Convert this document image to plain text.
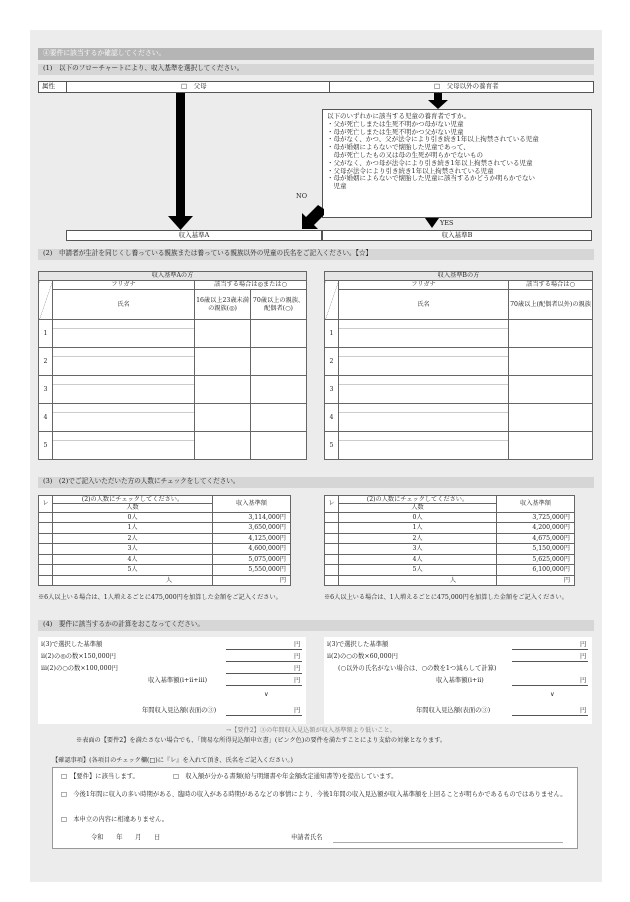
④要件に該当するか確認してください。
(1)　以下のフローチャートにより、収入基準を選択してください。
属性	□　父母	□　父母以外の養育者
以下のいずれかに該当する児童の養育者ですか。
・父が死亡しまたは生死不明かつ母がない児童
・母が死亡しまたは生死不明かつ父がない児童
・母がなく、かつ、父が法令により引き続き1年以上拘禁されている児童
・母が婚姻によらないで懐胎した児童であって、
　母が死亡したもの又は母の生死が明らかでないもの
・父がなく、かつ母が法令により引き続き1年以上拘禁されている児童
・父母が法令により引き続き1年以上拘禁されている児童
・母が婚姻によらないで懐胎した児童に該当するかどうか明らかでない
　児童
NO
YES
収入基準A	収入基準B
(2)　申請者が生計を同じくし養っている親族または養っている親族以外の児童の氏名をご記入ください。【☆】
収入基準Aの方			
	フリガナ	該当する場合は◎または○	
	氏名	16歳以上23歳未満の親族(◎)	70歳以上の親族、配偶者(○)

1			
2			
3			
4			
5			
収入基準Bの方		
	フリガナ	該当する場合は○
	氏名	70歳以上(配偶者以外)の親族

1		
2		
3		
4		
5		
(3)　(2)でご記入いただいた方の人数にチェックをしてください。
レ	(2)の人数にチェックしてください。	収入基準額
	人数	
	0人	3,114,000円
	1人	3,650,000円
	2人	4,125,000円
	3人	4,600,000円
	4人	5,075,000円
	5人	5,550,000円
	人	円
※6人以上いる場合は、1人増えるごとに475,000円を加算した金額をご記入ください。
レ	(2)の人数にチェックしてください。	収入基準額
	人数	
	0人	3,725,000円
	1人	4,200,000円
	2人	4,675,000円
	3人	5,150,000円
	4人	5,625,000円
	5人	6,100,000円
	人	円
※6人以上いる場合は、1人増えるごとに475,000円を加算した金額をご記入ください。
(4)　要件に該当するかの計算をおこなってください。
i(3)で選択した基準額	円
ii(2)の◎の数×150,000円	円
iii(2)の○の数×100,000円	円
収入基準額(i+ii+iii)	円
∨
年間収入見込額(表面の③)	円
i(3)で選択した基準額	円
ii(2)の○の数×60,000円	円
(○以外の氏名がない場合は、○の数を1つ減らして計算)
収入基準額(i+ii)	円
∨
年間収入見込額(表面の③)	円
→【要件2】③の年間収入見込額が収入基準額より低いこと。
※表面の【要件2】を満たさない場合でも、「簡易な所得見込額申立書」(ピンク色)の要件を満たすことにより支給の対象となります。
【確認事項】(各項目のチェック欄(□)に『レ』を入れて頂き、氏名をご記入ください。)
□　【要件】に該当します。	□　収入額が分かる書類(給与明細書や年金額改定通知書等)を提出しています。
□　今後1年間に収入の多い時期がある、臨時の収入がある時期があるなどの事情により、今後1年間の収入見込額が収入基準額を上回ることが明らかであるものではありません。
□　本申立の内容に相違ありません。
令和　　年　　月　　日	申請者氏名
